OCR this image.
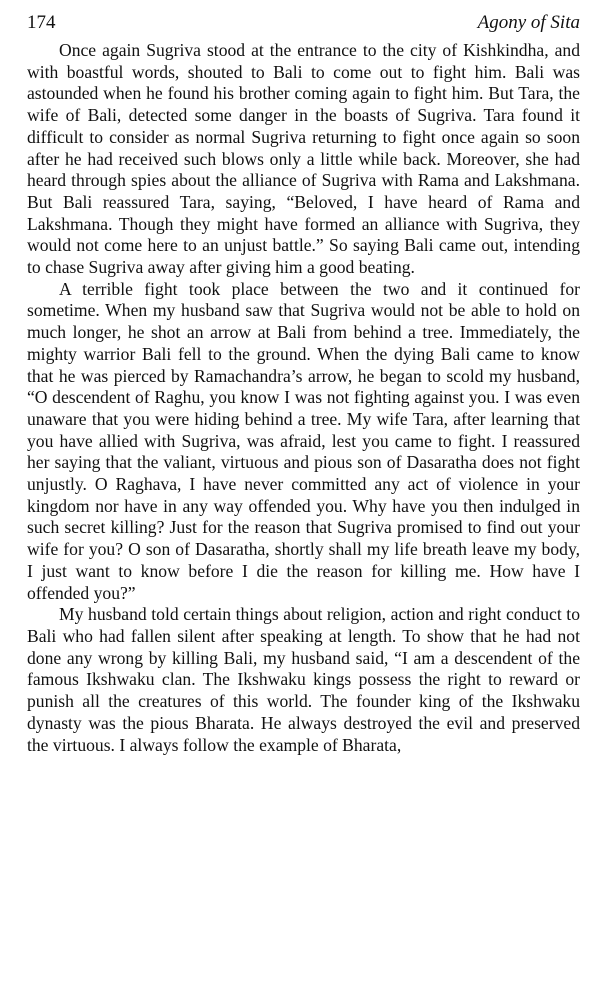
174	Agony of Sita

Once again Sugriva stood at the entrance to the city of Kishkindha, and with boastful words, shouted to Bali to come out to fight him. Bali was astounded when he found his brother coming again to fight him. But Tara, the wife of Bali, detected some danger in the boasts of Sugriva. Tara found it difficult to consider as normal Sugriva returning to fight once again so soon after he had received such blows only a little while back. Moreover, she had heard through spies about the alliance of Sugriva with Rama and Lakshmana. But Bali reassured Tara, saying, “Beloved, I have heard of Rama and Lakshmana. Though they might have formed an alliance with Sugriva, they would not come here to an unjust battle.” So saying Bali came out, intending to chase Sugriva away after giving him a good beating.

A terrible fight took place between the two and it continued for sometime. When my husband saw that Sugriva would not be able to hold on much longer, he shot an arrow at Bali from behind a tree. Immediately, the mighty warrior Bali fell to the ground. When the dying Bali came to know that he was pierced by Ramachandra’s arrow, he began to scold my husband, “O descendent of Raghu, you know I was not fighting against you. I was even unaware that you were hiding behind a tree. My wife Tara, after learning that you have allied with Sugriva, was afraid, lest you came to fight. I reassured her saying that the valiant, virtuous and pious son of Dasaratha does not fight unjustly. O Raghava, I have never committed any act of violence in your kingdom nor have in any way offended you. Why have you then indulged in such secret killing? Just for the reason that Sugriva promised to find out your wife for you? O son of Dasaratha, shortly shall my life breath leave my body, I just want to know before I die the reason for killing me. How have I offended you?”

My husband told certain things about religion, action and right conduct to Bali who had fallen silent after speaking at length. To show that he had not done any wrong by killing Bali, my husband said, “I am a descendent of the famous Ikshwaku clan. The Ikshwaku kings possess the right to reward or punish all the creatures of this world. The founder king of the Ikshwaku dynasty was the pious Bharata. He always destroyed the evil and preserved the virtuous. I always follow the example of Bharata,
